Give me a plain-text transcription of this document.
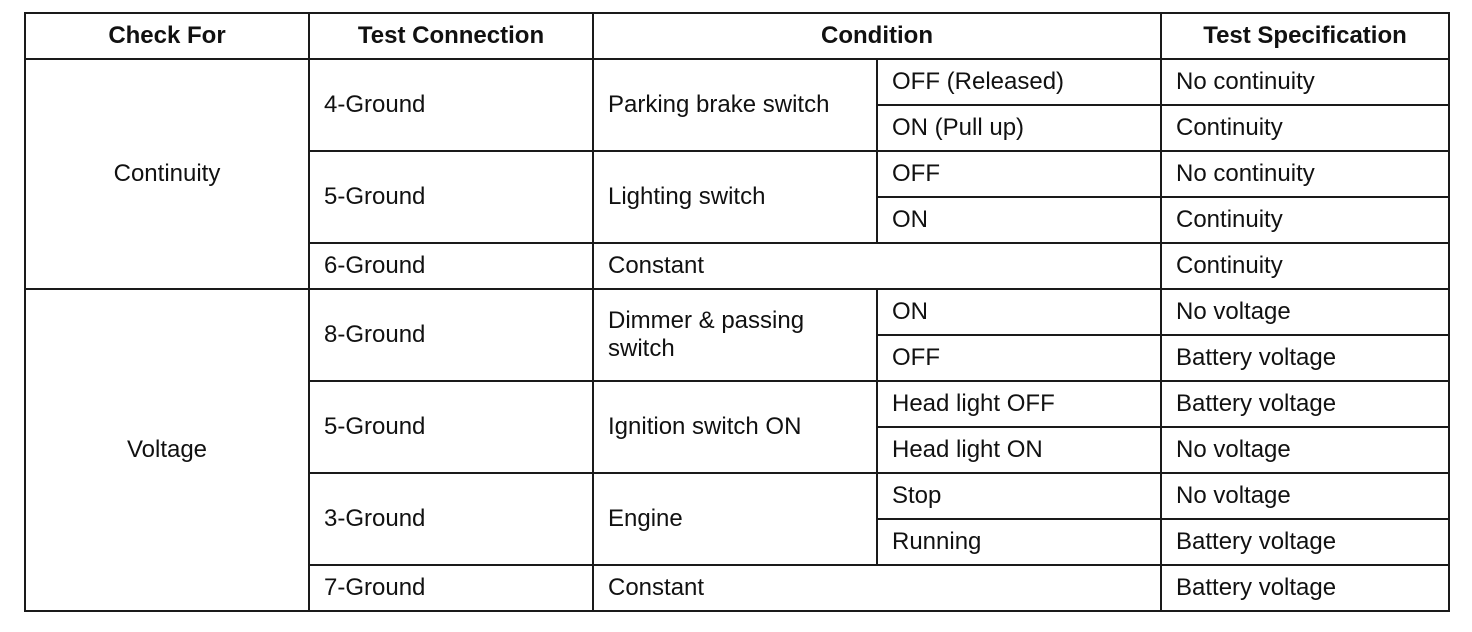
Check For	Test Connection	Condition		Test Specification
Continuity	4-Ground	Parking brake switch	OFF (Released)	No continuity
			ON (Pull up)	Continuity
	5-Ground	Lighting switch	OFF	No continuity
			ON	Continuity
	6-Ground	Constant		Continuity
Voltage	8-Ground	Dimmer & passing switch	ON	No voltage
			OFF	Battery voltage
	5-Ground	Ignition switch ON	Head light OFF	Battery voltage
			Head light ON	No voltage
	3-Ground	Engine	Stop	No voltage
			Running	Battery voltage
	7-Ground	Constant		Battery voltage
